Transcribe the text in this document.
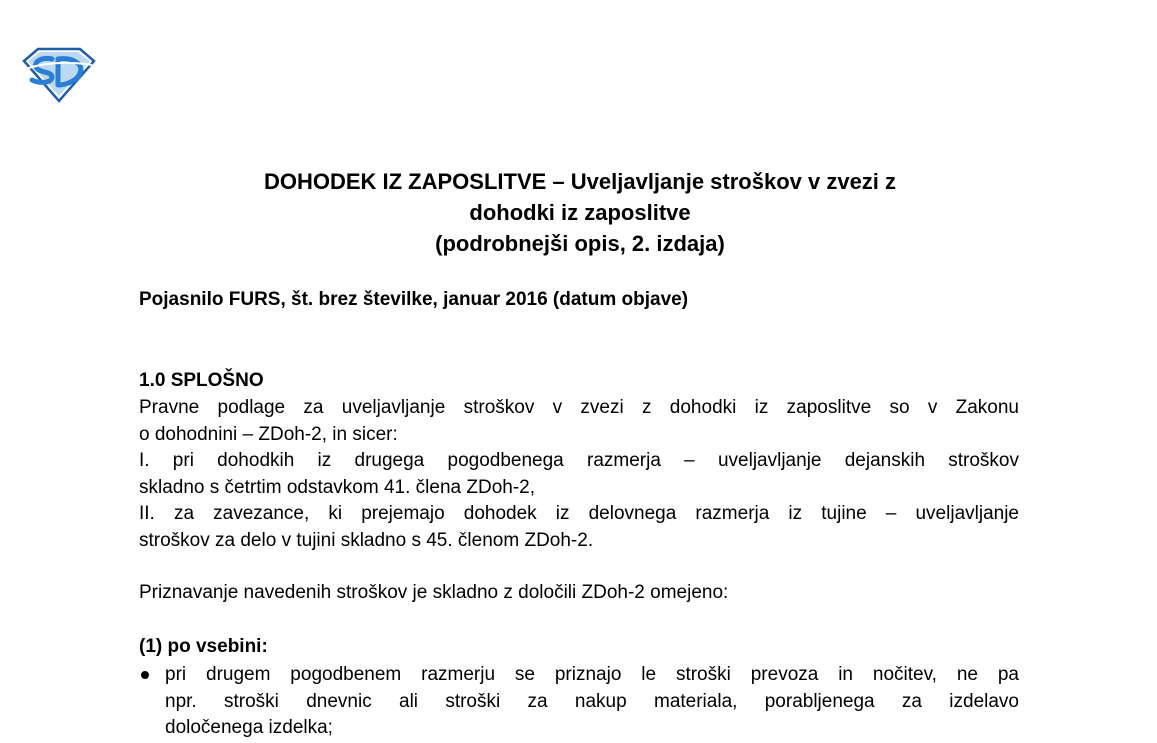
DOHODEK IZ ZAPOSLITVE – Uveljavljanje stroškov v zvezi z
dohodki iz zaposlitve
(podrobnejši opis, 2. izdaja)
Pojasnilo FURS, št. brez številke, januar 2016 (datum objave)
1.0 SPLOŠNO
Pravne podlage za uveljavljanje stroškov v zvezi z dohodki iz zaposlitve so v Zakonu
o dohodnini – ZDoh-2, in sicer:
I. pri dohodkih iz drugega pogodbenega razmerja – uveljavljanje dejanskih stroškov
skladno s četrtim odstavkom 41. člena ZDoh-2,
II. za zavezance, ki prejemajo dohodek iz delovnega razmerja iz tujine – uveljavljanje
stroškov za delo v tujini skladno s 45. členom ZDoh-2.
Priznavanje navedenih stroškov je skladno z določili ZDoh-2 omejeno:
(1) po vsebini:
pri drugem pogodbenem razmerju se priznajo le stroški prevoza in nočitev, ne pa
npr. stroški dnevnic ali stroški za nakup materiala, porabljenega za izdelavo
določenega izdelka;
